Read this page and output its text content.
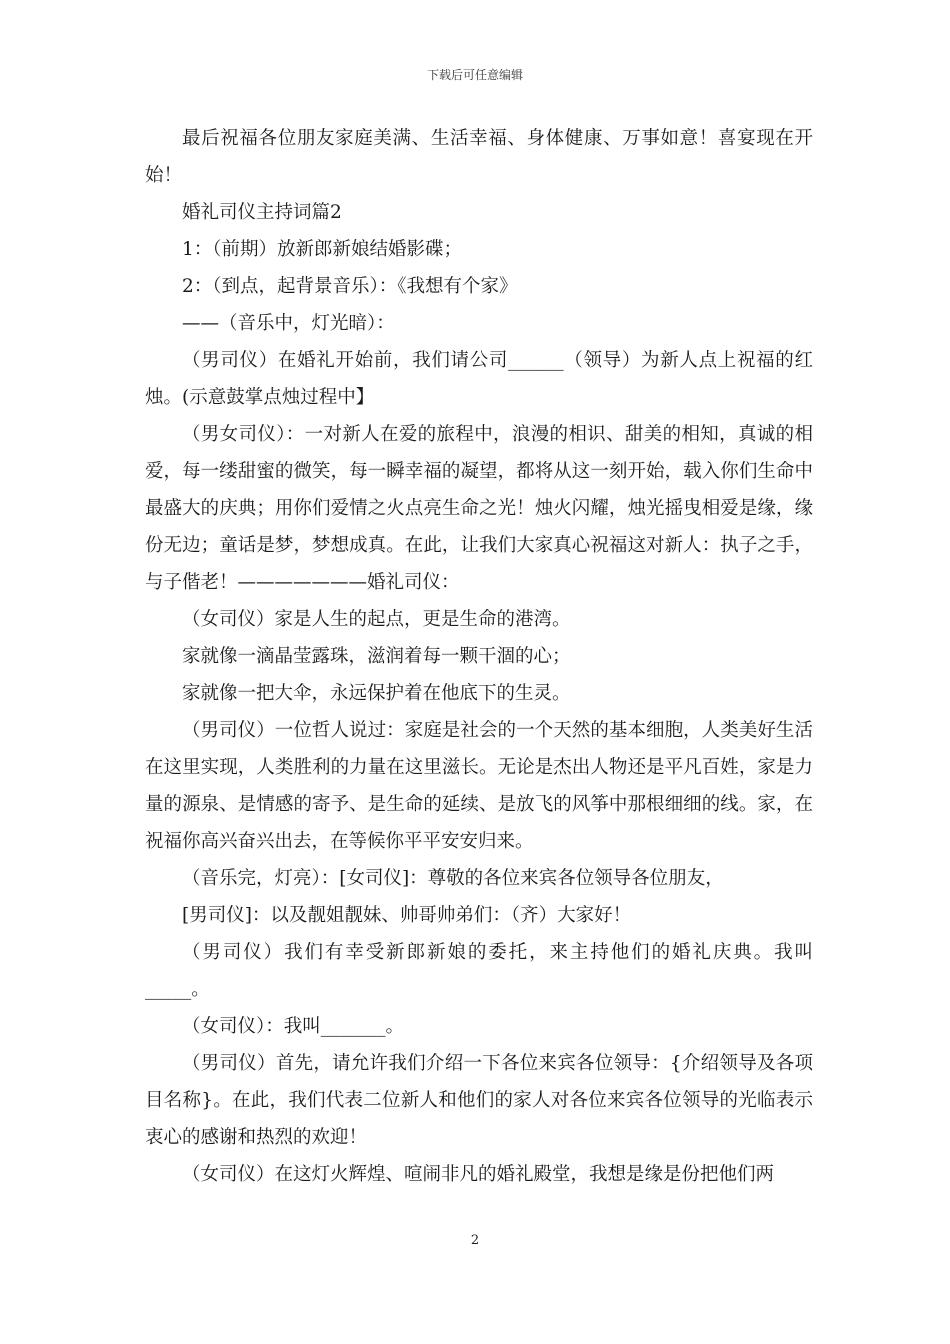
下载后可任意编辑

最后祝福各位朋友家庭美满、生活幸福、身体健康、万事如意！喜宴现在开始！

婚礼司仪主持词篇2

1：（前期）放新郎新娘结婚影碟；

2：（到点，起背景音乐）：《我想有个家》

——（音乐中，灯光暗）：

（男司仪）在婚礼开始前，我们请公司______（领导）为新人点上祝福的红烛。(示意鼓掌点烛过程中】

（男女司仪）：一对新人在爱的旅程中，浪漫的相识、甜美的相知，真诚的相爱，每一缕甜蜜的微笑，每一瞬幸福的凝望，都将从这一刻开始，载入你们生命中最盛大的庆典；用你们爱情之火点亮生命之光！烛火闪耀，烛光摇曳相爱是缘，缘份无边；童话是梦，梦想成真。在此，让我们大家真心祝福这对新人：执子之手，与子偕老！———————婚礼司仪：

（女司仪）家是人生的起点，更是生命的港湾。

家就像一滴晶莹露珠，滋润着每一颗干涸的心；

家就像一把大伞，永远保护着在他底下的生灵。

（男司仪）一位哲人说过：家庭是社会的一个天然的基本细胞，人类美好生活在这里实现，人类胜利的力量在这里滋长。无论是杰出人物还是平凡百姓，家是力量的源泉、是情感的寄予、是生命的延续、是放飞的风筝中那根细细的线。家，在祝福你高兴奋兴出去，在等候你平平安安归来。

（音乐完，灯亮）：[女司仪]：尊敬的各位来宾各位领导各位朋友，

[男司仪]：以及靓姐靓妹、帅哥帅弟们：（齐）大家好！

（男司仪）我们有幸受新郎新娘的委托，来主持他们的婚礼庆典。我叫_____。

（女司仪）：我叫_______。

（男司仪）首先，请允许我们介绍一下各位来宾各位领导：{介绍领导及各项目名称}。在此，我们代表二位新人和他们的家人对各位来宾各位领导的光临表示衷心的感谢和热烈的欢迎！

（女司仪）在这灯火辉煌、喧闹非凡的婚礼殿堂，我想是缘是份把他们两

2
